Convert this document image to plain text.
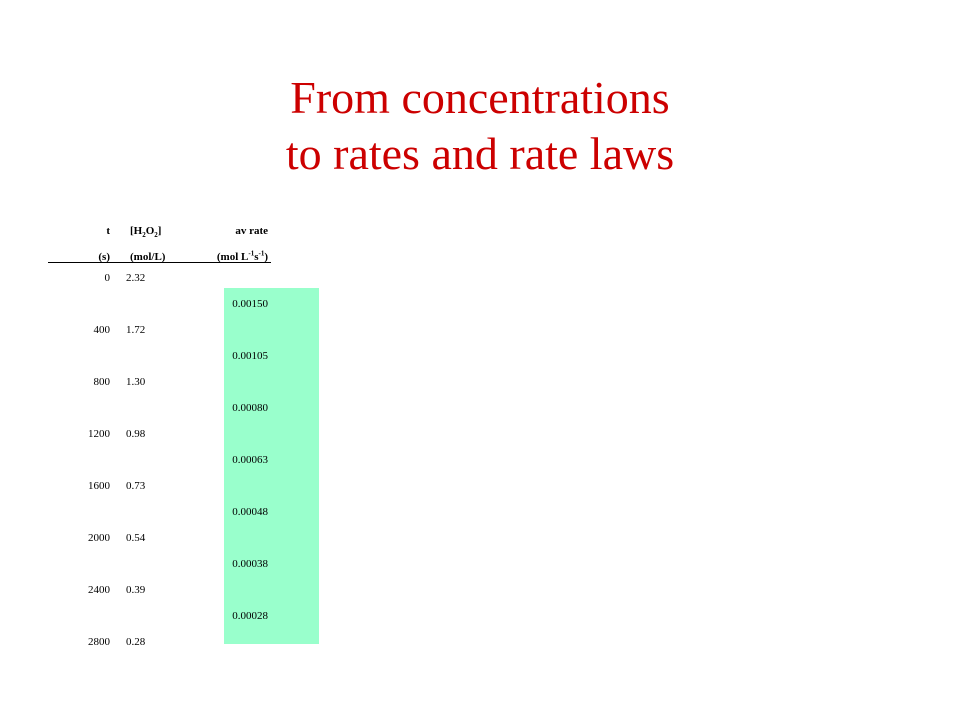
From concentrations
to rates and rate laws
t $[H_2O_2]$	av rate
(s) (mol/L)	(mol $L^{-1}s^{-1}$)
0 2.32
0.00150
400 1.72
0.00105
800 1.30
0.00080
1200 0.98
0.00063
1600 0.73
0.00048
2000 0.54
0.00038
2400 0.39
0.00028
2800 0.28
